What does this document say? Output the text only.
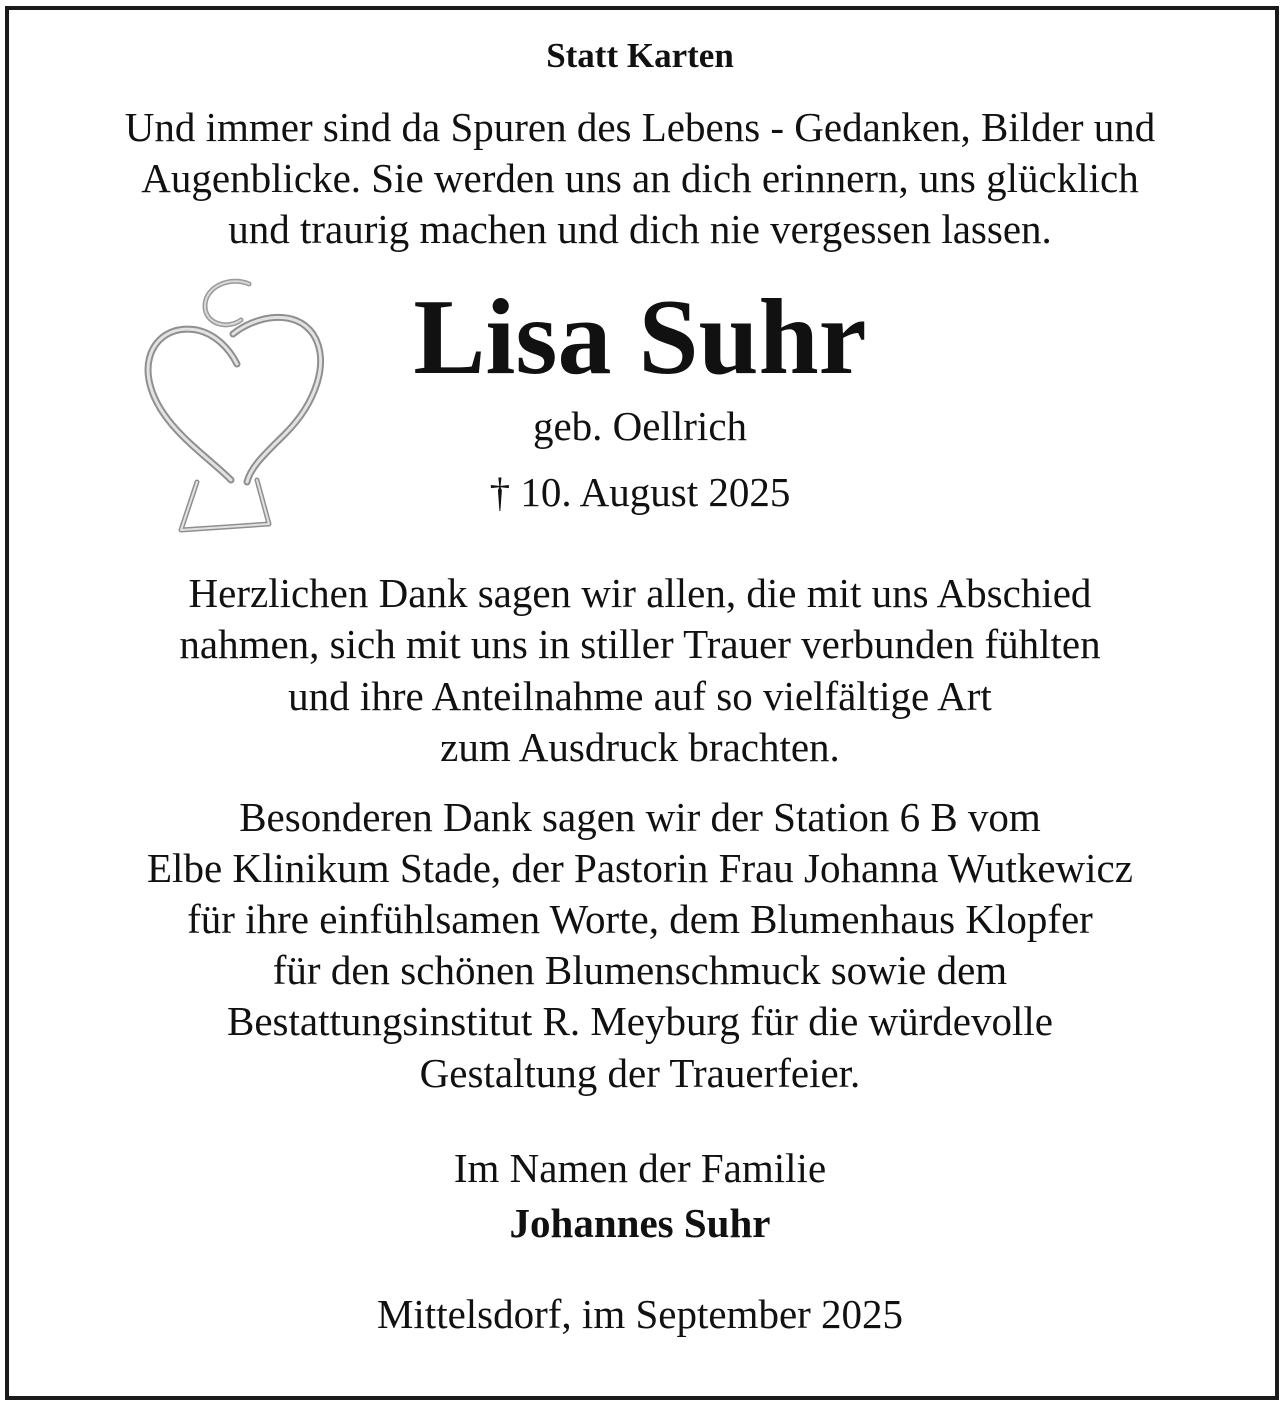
Statt Karten
Und immer sind da Spuren des Lebens - Gedanken, Bilder und
Augenblicke. Sie werden uns an dich erinnern, uns glücklich
und traurig machen und dich nie vergessen lassen.
Lisa Suhr
geb. Oellrich
† 10. August 2025
Herzlichen Dank sagen wir allen, die mit uns Abschied
nahmen, sich mit uns in stiller Trauer verbunden fühlten
und ihre Anteilnahme auf so vielfältige Art
zum Ausdruck brachten.
Besonderen Dank sagen wir der Station 6 B vom
Elbe Klinikum Stade, der Pastorin Frau Johanna Wutkewicz
für ihre einfühlsamen Worte, dem Blumenhaus Klopfer
für den schönen Blumenschmuck sowie dem
Bestattungsinstitut R. Meyburg für die würdevolle
Gestaltung der Trauerfeier.
Im Namen der Familie
Johannes Suhr
Mittelsdorf, im September 2025
